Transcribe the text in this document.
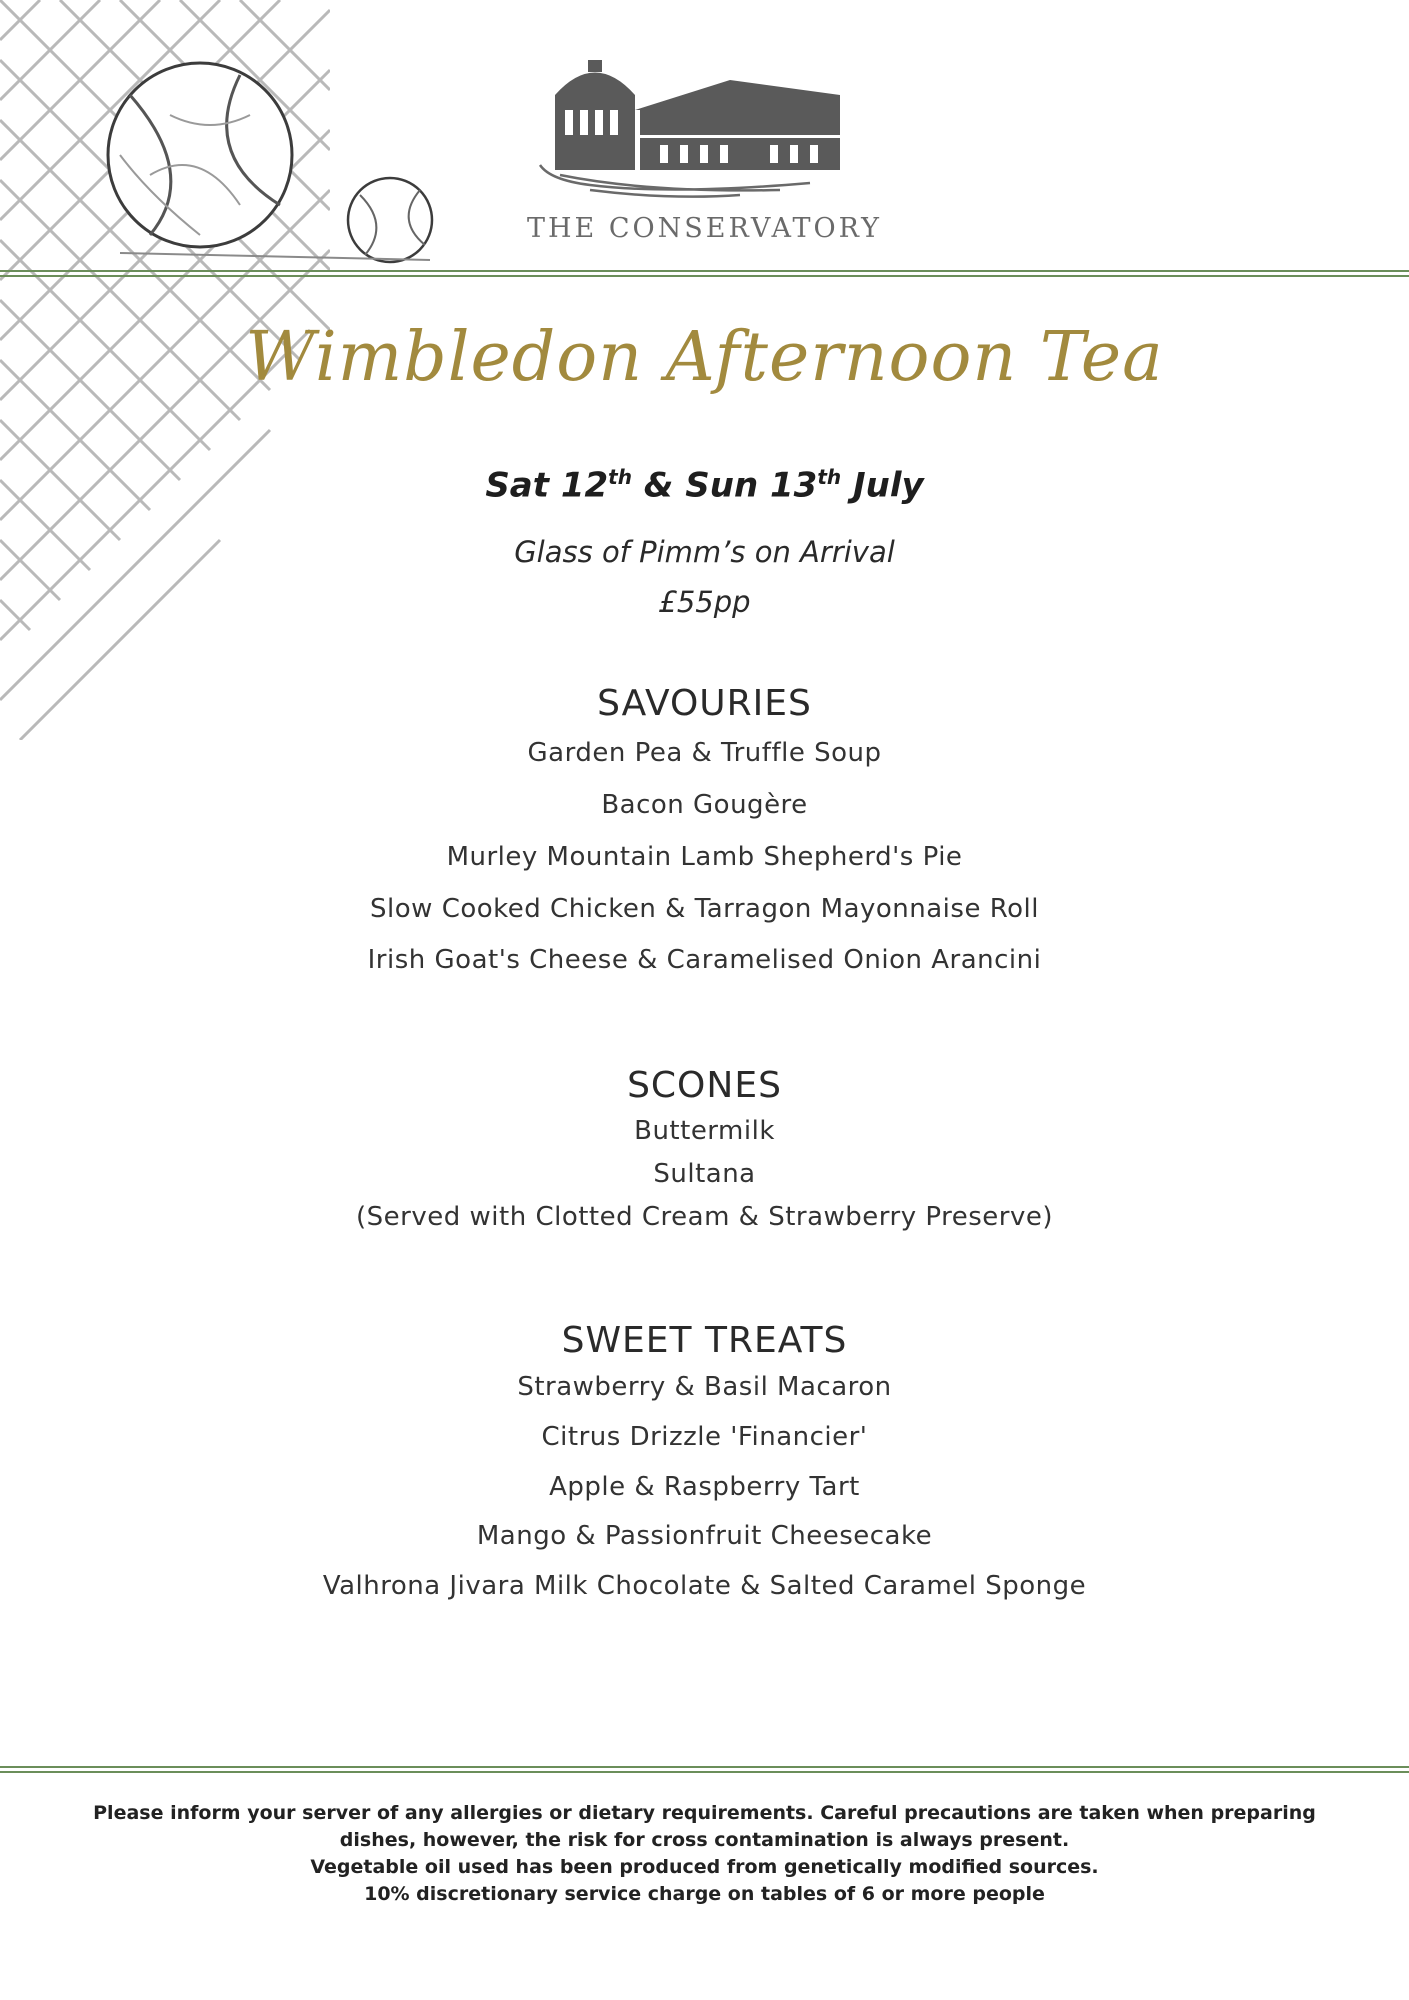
THE CONSERVATORY
Wimbledon Afternoon Tea
Sat 12th & Sun 13th July
Glass of Pimm’s on Arrival
£55pp
SAVOURIES
Garden Pea & Truffle Soup
Bacon Gougère
Murley Mountain Lamb Shepherd's Pie
Slow Cooked Chicken & Tarragon Mayonnaise Roll
Irish Goat's Cheese & Caramelised Onion Arancini
SCONES
Buttermilk
Sultana
(Served with Clotted Cream & Strawberry Preserve)
SWEET TREATS
Strawberry & Basil Macaron
Citrus Drizzle 'Financier'
Apple & Raspberry Tart
Mango & Passionfruit Cheesecake
Valhrona Jivara Milk Chocolate & Salted Caramel Sponge
Please inform your server of any allergies or dietary requirements. Careful precautions are taken when preparing
dishes, however, the risk for cross contamination is always present.
Vegetable oil used has been produced from genetically modified sources.
10% discretionary service charge on tables of 6 or more people
